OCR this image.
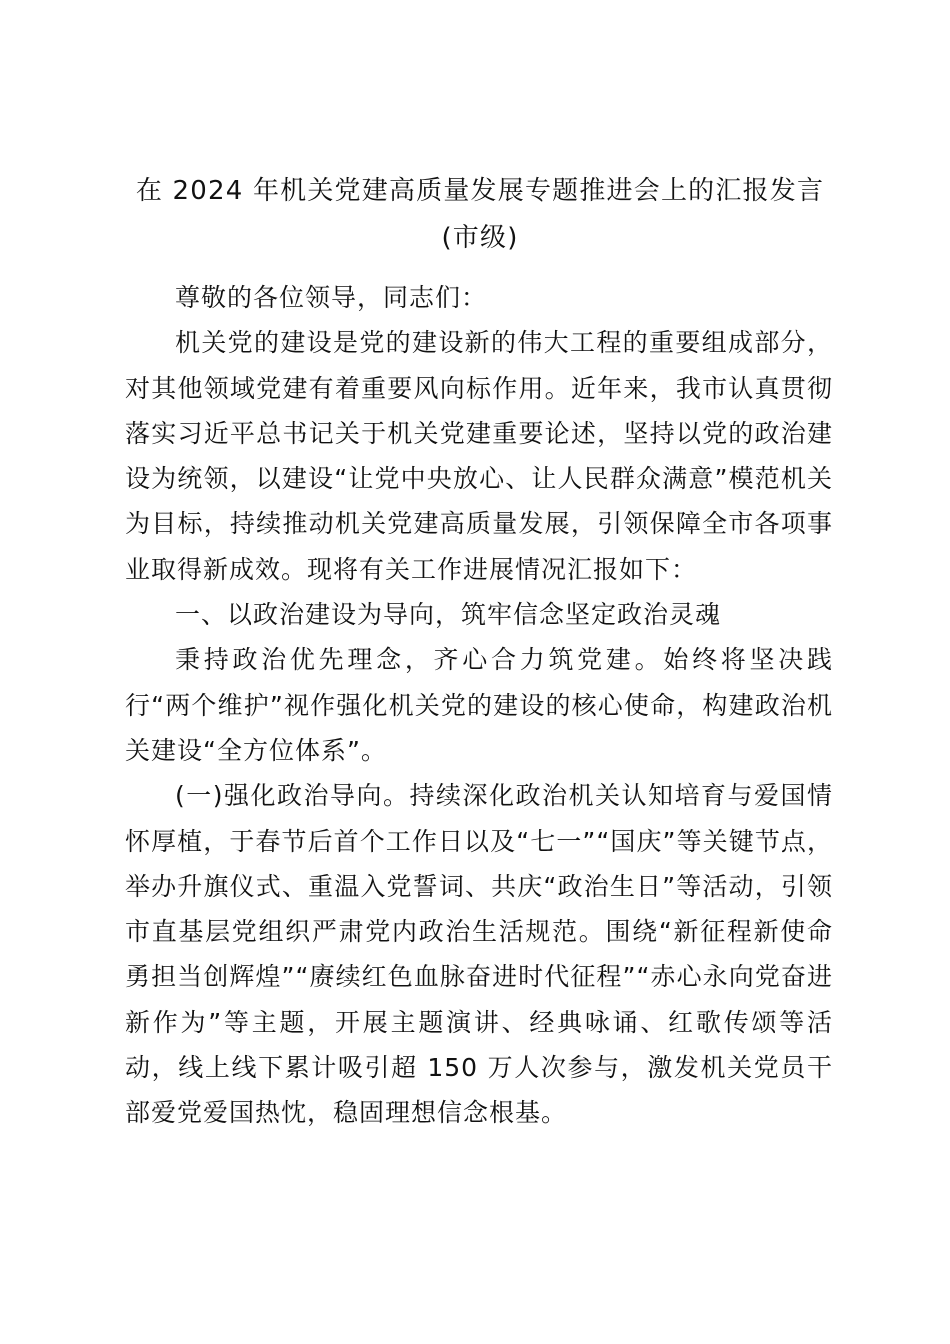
在 2024 年机关党建高质量发展专题推进会上的汇报发言(市级)

尊敬的各位领导，同志们：

机关党的建设是党的建设新的伟大工程的重要组成部分，对其他领域党建有着重要风向标作用。近年来，我市认真贯彻落实习近平总书记关于机关党建重要论述，坚持以党的政治建设为统领，以建设“让党中央放心、让人民群众满意”模范机关为目标，持续推动机关党建高质量发展，引领保障全市各项事业取得新成效。现将有关工作进展情况汇报如下：

一、以政治建设为导向，筑牢信念坚定政治灵魂

秉持政治优先理念，齐心合力筑党建。始终将坚决践行“两个维护”视作强化机关党的建设的核心使命，构建政治机关建设“全方位体系”。

(一)强化政治导向。持续深化政治机关认知培育与爱国情怀厚植，于春节后首个工作日以及“七一”“国庆”等关键节点，举办升旗仪式、重温入党誓词、共庆“政治生日”等活动，引领市直基层党组织严肃党内政治生活规范。围绕“新征程新使命勇担当创辉煌”“赓续红色血脉奋进时代征程”“赤心永向党奋进新作为”等主题，开展主题演讲、经典咏诵、红歌传颂等活动，线上线下累计吸引超 150 万人次参与，激发机关党员干部爱党爱国热忱，稳固理想信念根基。
